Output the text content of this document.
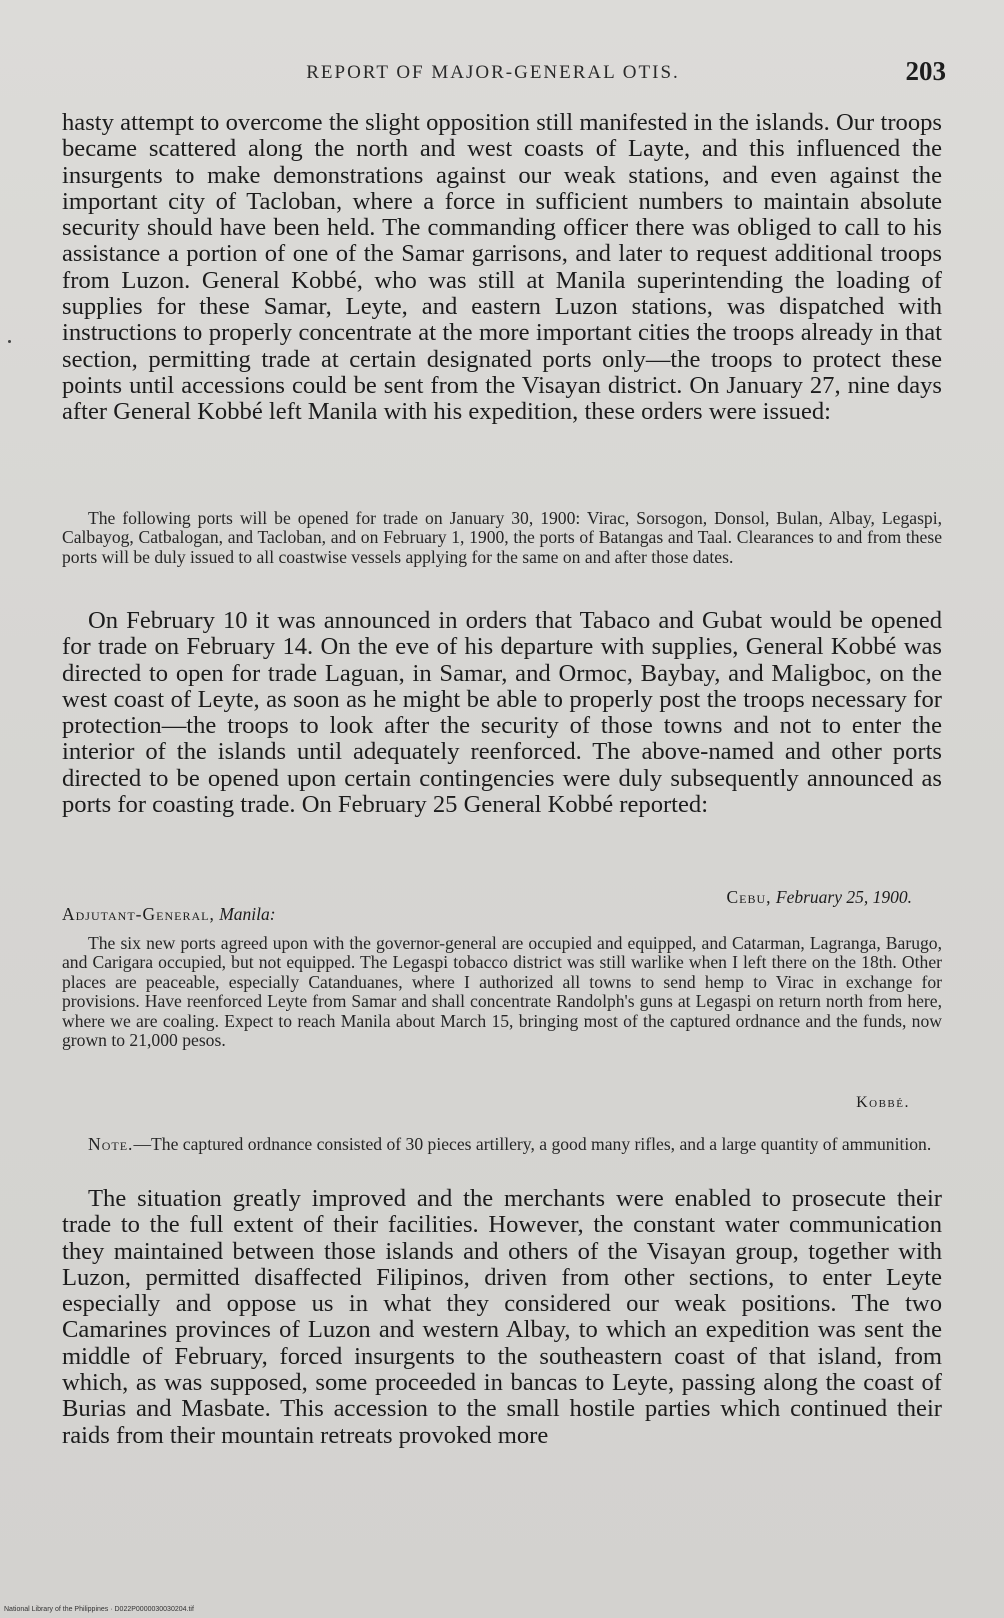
REPORT OF MAJOR-GENERAL OTIS.	203

hasty attempt to overcome the slight opposition still manifested in the islands. Our troops became scattered along the north and west coasts of Layte, and this influenced the insurgents to make demonstrations against our weak stations, and even against the important city of Tacloban, where a force in sufficient numbers to maintain absolute security should have been held. The commanding officer there was obliged to call to his assistance a portion of one of the Samar garrisons, and later to request additional troops from Luzon. General Kobbé, who was still at Manila superintending the loading of supplies for these Samar, Leyte, and eastern Luzon stations, was dispatched with instructions to properly concentrate at the more important cities the troops already in that section, permitting trade at certain designated ports only—the troops to protect these points until accessions could be sent from the Visayan district. On January 27, nine days after General Kobbé left Manila with his expedition, these orders were issued:

The following ports will be opened for trade on January 30, 1900: Virac, Sorsogon, Donsol, Bulan, Albay, Legaspi, Calbayog, Catbalogan, and Tacloban, and on February 1, 1900, the ports of Batangas and Taal. Clearances to and from these ports will be duly issued to all coastwise vessels applying for the same on and after those dates.

On February 10 it was announced in orders that Tabaco and Gubat would be opened for trade on February 14. On the eve of his departure with supplies, General Kobbé was directed to open for trade Laguan, in Samar, and Ormoc, Baybay, and Maligboc, on the west coast of Leyte, as soon as he might be able to properly post the troops necessary for protection—the troops to look after the security of those towns and not to enter the interior of the islands until adequately reenforced. The above-named and other ports directed to be opened upon certain contingencies were duly subsequently announced as ports for coasting trade. On February 25 General Kobbé reported:

Cebu, February 25, 1900.
Adjutant-General, Manila:

The six new ports agreed upon with the governor-general are occupied and equipped, and Catarman, Lagranga, Barugo, and Carigara occupied, but not equipped. The Legaspi tobacco district was still warlike when I left there on the 18th. Other places are peaceable, especially Catanduanes, where I authorized all towns to send hemp to Virac in exchange for provisions. Have reenforced Leyte from Samar and shall concentrate Randolph's guns at Legaspi on return north from here, where we are coaling. Expect to reach Manila about March 15, bringing most of the captured ordnance and the funds, now grown to 21,000 pesos.

Kobbé.

Note.—The captured ordnance consisted of 30 pieces artillery, a good many rifles, and a large quantity of ammunition.

The situation greatly improved and the merchants were enabled to prosecute their trade to the full extent of their facilities. However, the constant water communication they maintained between those islands and others of the Visayan group, together with Luzon, permitted disaffected Filipinos, driven from other sections, to enter Leyte especially and oppose us in what they considered our weak positions. The two Camarines provinces of Luzon and western Albay, to which an expedition was sent the middle of February, forced insurgents to the southeastern coast of that island, from which, as was supposed, some proceeded in bancas to Leyte, passing along the coast of Burias and Masbate. This accession to the small hostile parties which continued their raids from their mountain retreats provoked more

National Library of the Philippines · D022P0000030030204.tif
